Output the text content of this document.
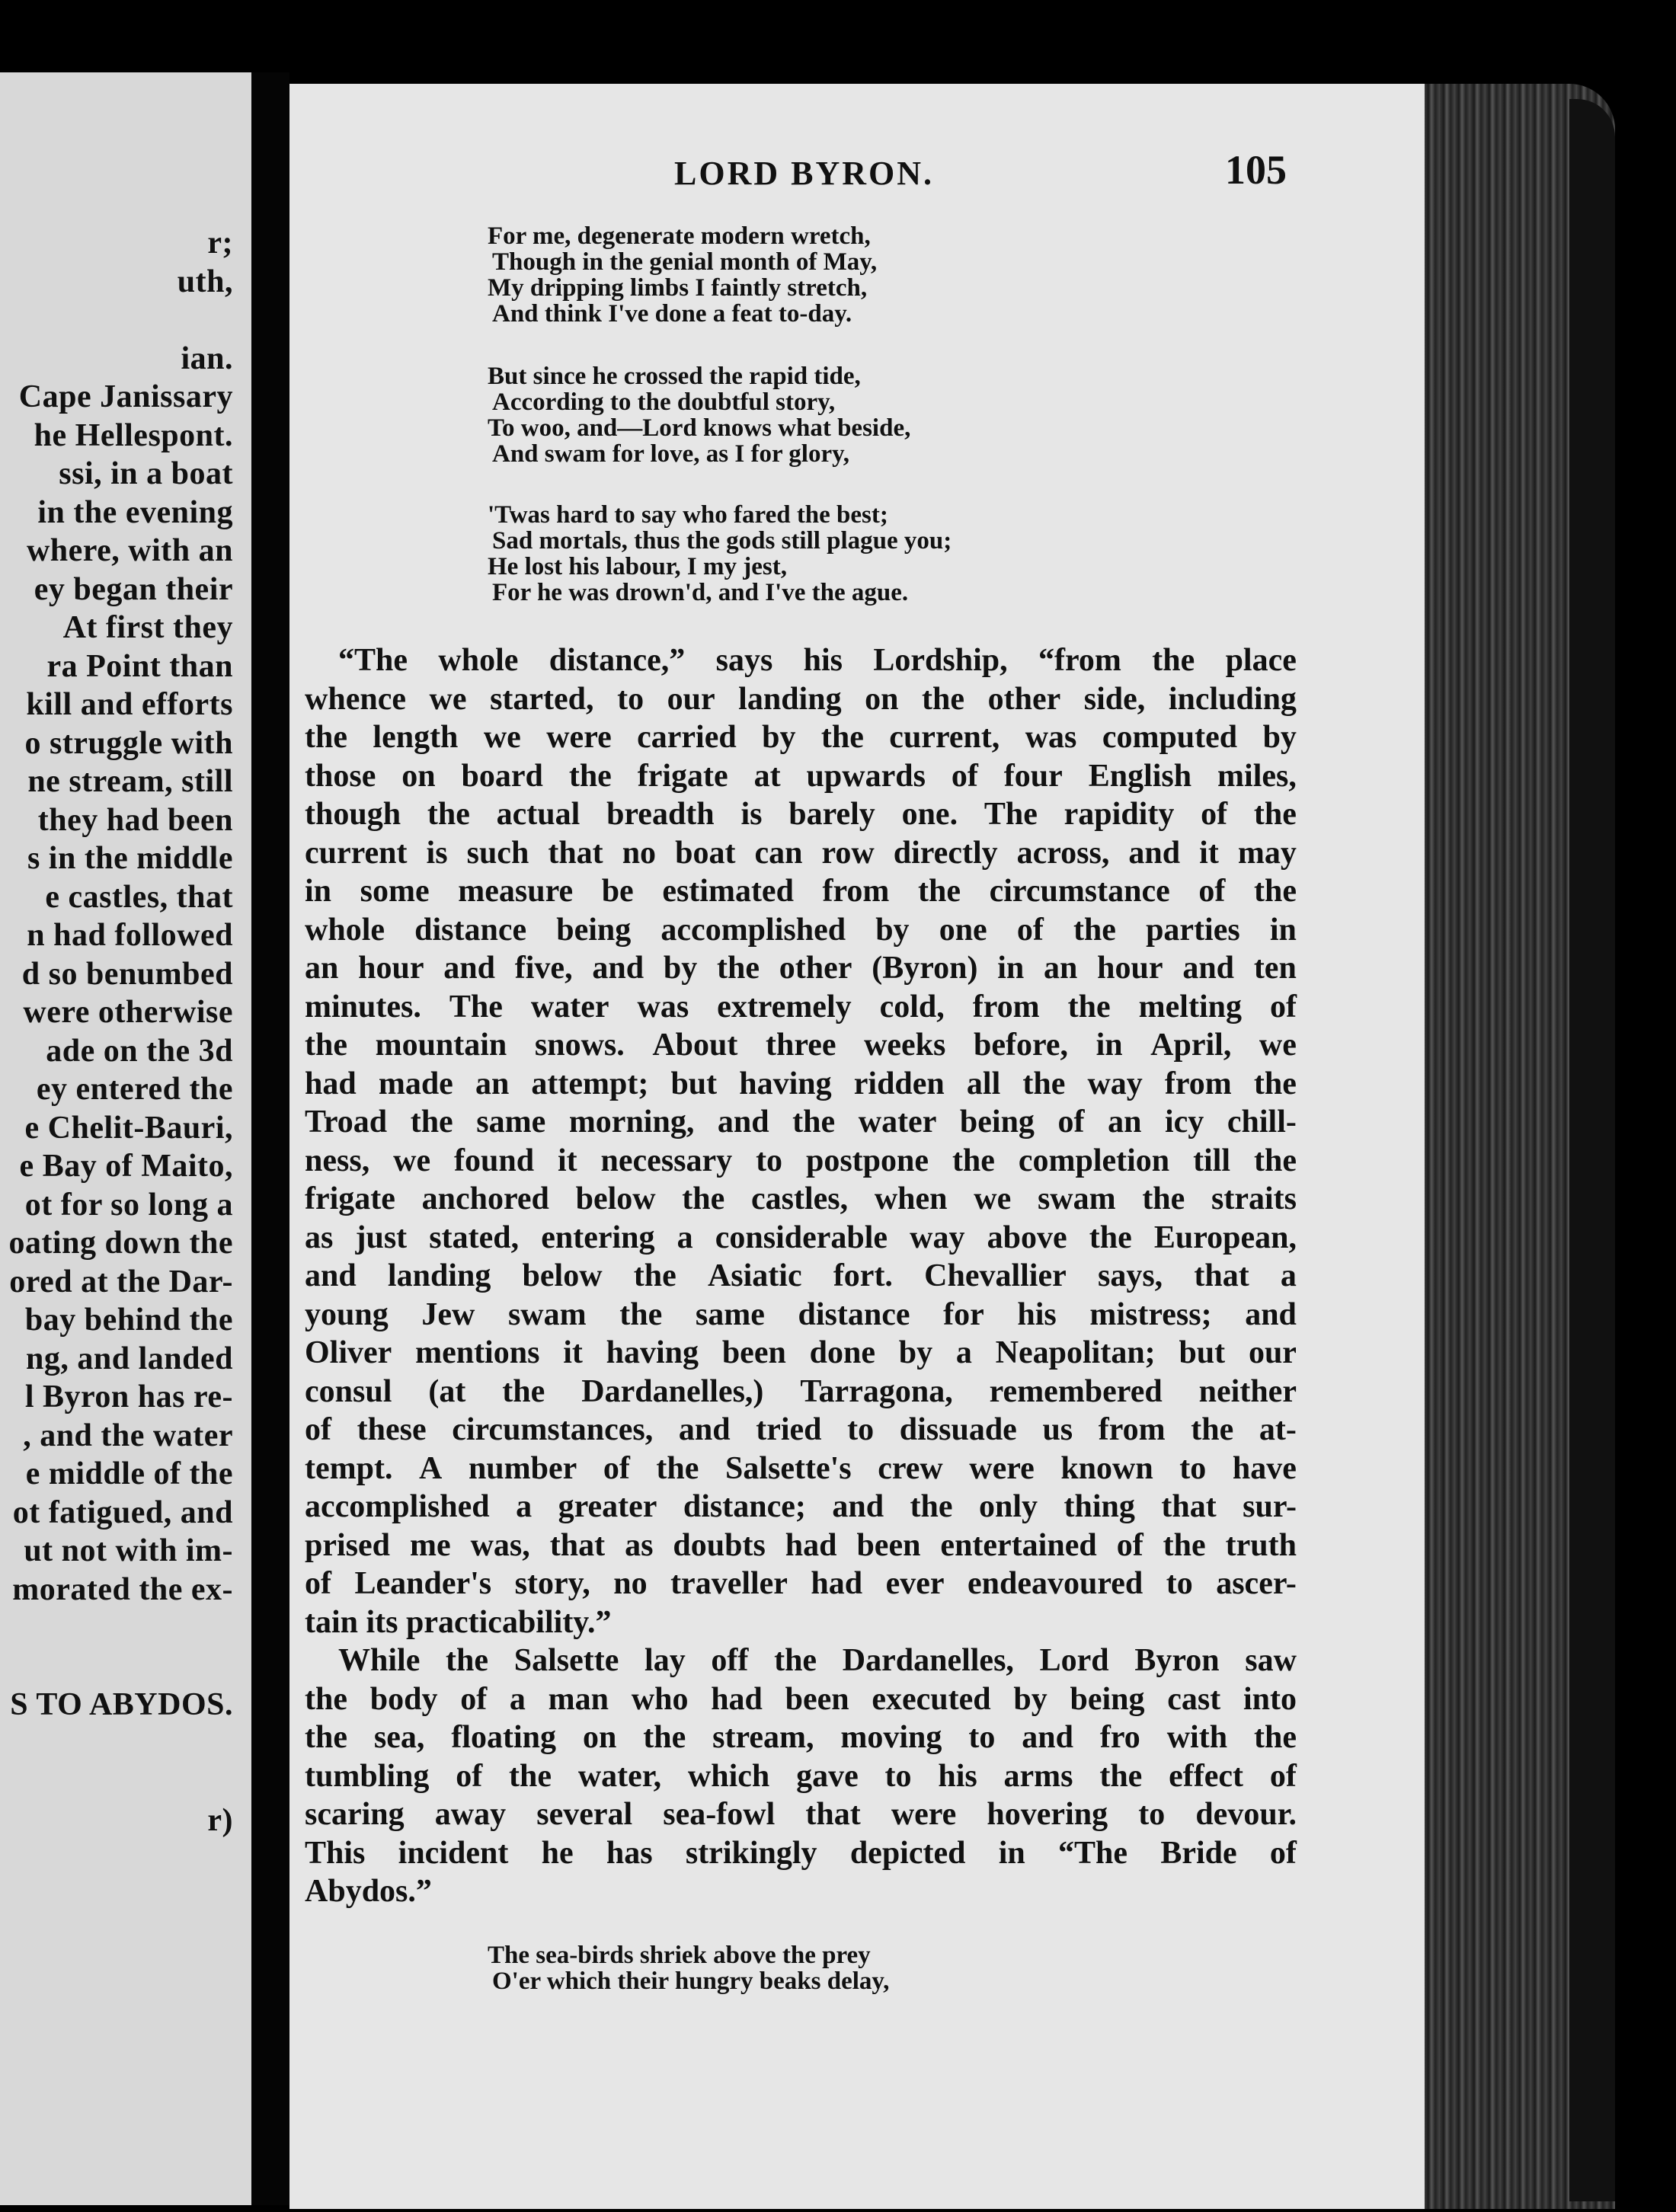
r;
uth,
ian.
Cape Janissary
he Hellespont.
ssi, in a boat
in the evening
where, with an
ey began their
At first they
ra Point than
kill and efforts
o struggle with
ne stream, still
they had been
s in the middle
e castles, that
n had followed
d so benumbed
were otherwise
ade on the 3d
ey entered the
e Chelit-Bauri,
e Bay of Maito,
ot for so long a
oating down the
ored at the Dar-
bay behind the
ng, and landed
l Byron has re-
, and the water
e middle of the
ot fatigued, and
ut not with im-
morated the ex-
S TO ABYDOS.
r)
LORD BYRON.	105
For me, degenerate modern wretch,
Though in the genial month of May,
My dripping limbs I faintly stretch,
And think I've done a feat to-day.
But since he crossed the rapid tide,
According to the doubtful story,
To woo, and—Lord knows what beside,
And swam for love, as I for glory,
'Twas hard to say who fared the best;
Sad mortals, thus the gods still plague you;
He lost his labour, I my jest,
For he was drown'd, and I've the ague.
“The whole distance,” says his Lordship, “from the place
whence we started, to our landing on the other side, including
the length we were carried by the current, was computed by
those on board the frigate at upwards of four English miles,
though the actual breadth is barely one. The rapidity of the
current is such that no boat can row directly across, and it may
in some measure be estimated from the circumstance of the
whole distance being accomplished by one of the parties in
an hour and five, and by the other (Byron) in an hour and ten
minutes. The water was extremely cold, from the melting of
the mountain snows. About three weeks before, in April, we
had made an attempt; but having ridden all the way from the
Troad the same morning, and the water being of an icy chill-
ness, we found it necessary to postpone the completion till the
frigate anchored below the castles, when we swam the straits
as just stated, entering a considerable way above the European,
and landing below the Asiatic fort. Chevallier says, that a
young Jew swam the same distance for his mistress; and
Oliver mentions it having been done by a Neapolitan; but our
consul (at the Dardanelles,) Tarragona, remembered neither
of these circumstances, and tried to dissuade us from the at-
tempt. A number of the Salsette's crew were known to have
accomplished a greater distance; and the only thing that sur-
prised me was, that as doubts had been entertained of the truth
of Leander's story, no traveller had ever endeavoured to ascer-
tain its practicability.”
While the Salsette lay off the Dardanelles, Lord Byron saw
the body of a man who had been executed by being cast into
the sea, floating on the stream, moving to and fro with the
tumbling of the water, which gave to his arms the effect of
scaring away several sea-fowl that were hovering to devour.
This incident he has strikingly depicted in “The Bride of
Abydos.”
The sea-birds shriek above the prey
O'er which their hungry beaks delay,
